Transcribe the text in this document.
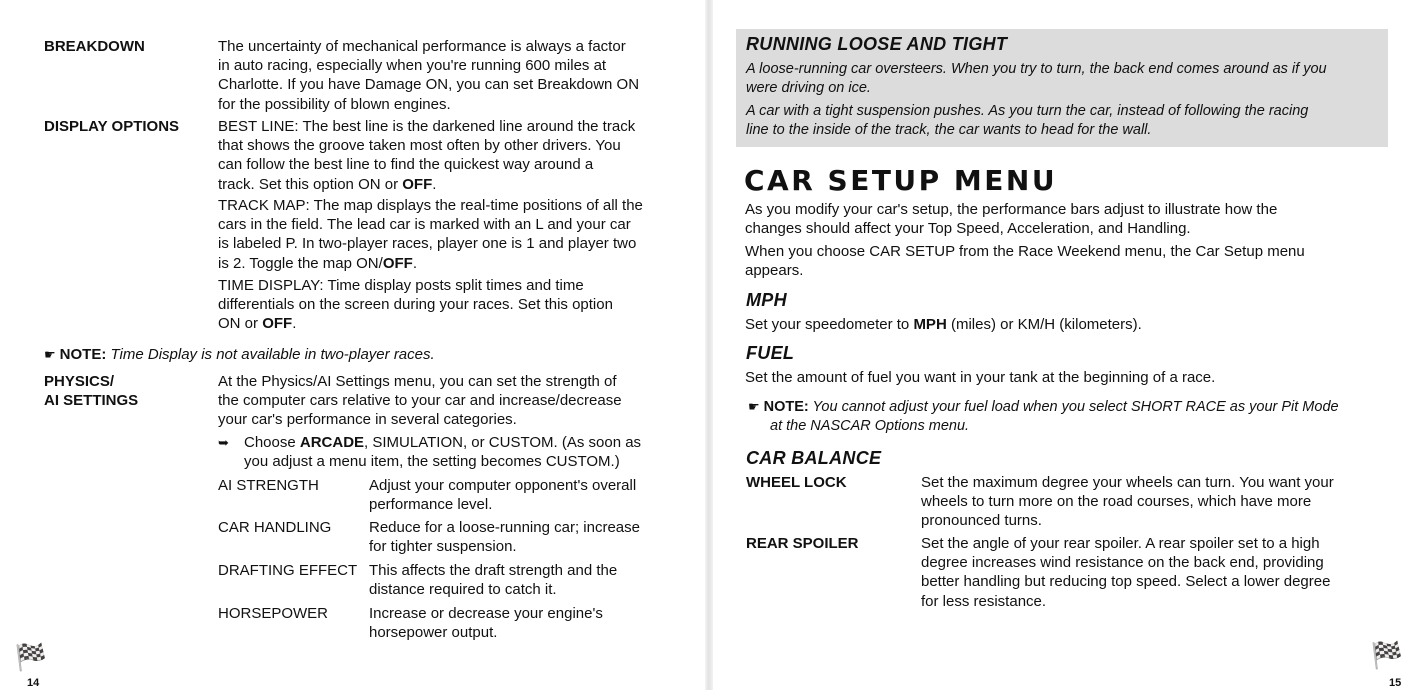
BREAKDOWN	The uncertainty of mechanical performance is always a factor
in auto racing, especially when you're running 600 miles at
Charlotte. If you have Damage ON, you can set Breakdown ON
for the possibility of blown engines.
DISPLAY OPTIONS	BEST LINE: The best line is the darkened line around the track
that shows the groove taken most often by other drivers. You
can follow the best line to find the quickest way around a
track. Set this option ON or OFF.
TRACK MAP: The map displays the real-time positions of all the
cars in the field. The lead car is marked with an L and your car
is labeled P. In two-player races, player one is 1 and player two
is 2. Toggle the map ON/OFF.
TIME DISPLAY: Time display posts split times and time
differentials on the screen during your races. Set this option
ON or OFF.
☛ NOTE: Time Display is not available in two-player races.
PHYSICS/
AI SETTINGS
At the Physics/AI Settings menu, you can set the strength of
the computer cars relative to your car and increase/decrease
your car's performance in several categories.
➥ Choose ARCADE, SIMULATION, or CUSTOM. (As soon as
you adjust a menu item, the setting becomes CUSTOM.)
AI STRENGTH	Adjust your computer opponent's overall
performance level.
CAR HANDLING	Reduce for a loose-running car; increase
for tighter suspension.
DRAFTING EFFECT This affects the draft strength and the
distance required to catch it.
HORSEPOWER	Increase or decrease your engine's
horsepower output.
🏁
14
RUNNING LOOSE AND TIGHT
A loose-running car oversteers. When you try to turn, the back end comes around as if you
were driving on ice.
A car with a tight suspension pushes. As you turn the car, instead of following the racing
line to the inside of the track, the car wants to head for the wall.
CAR SETUP MENU
As you modify your car's setup, the performance bars adjust to illustrate how the
changes should affect your Top Speed, Acceleration, and Handling.
When you choose CAR SETUP from the Race Weekend menu, the Car Setup menu
appears.
MPH
Set your speedometer to MPH (miles) or KM/H (kilometers).
FUEL
Set the amount of fuel you want in your tank at the beginning of a race.
☛ NOTE: You cannot adjust your fuel load when you select SHORT RACE as your Pit Mode
at the NASCAR Options menu.
CAR BALANCE
WHEEL LOCK	Set the maximum degree your wheels can turn. You want your
wheels to turn more on the road courses, which have more
pronounced turns.
REAR SPOILER	Set the angle of your rear spoiler. A rear spoiler set to a high
degree increases wind resistance on the back end, providing
better handling but reducing top speed. Select a lower degree
for less resistance.
🏁
15
